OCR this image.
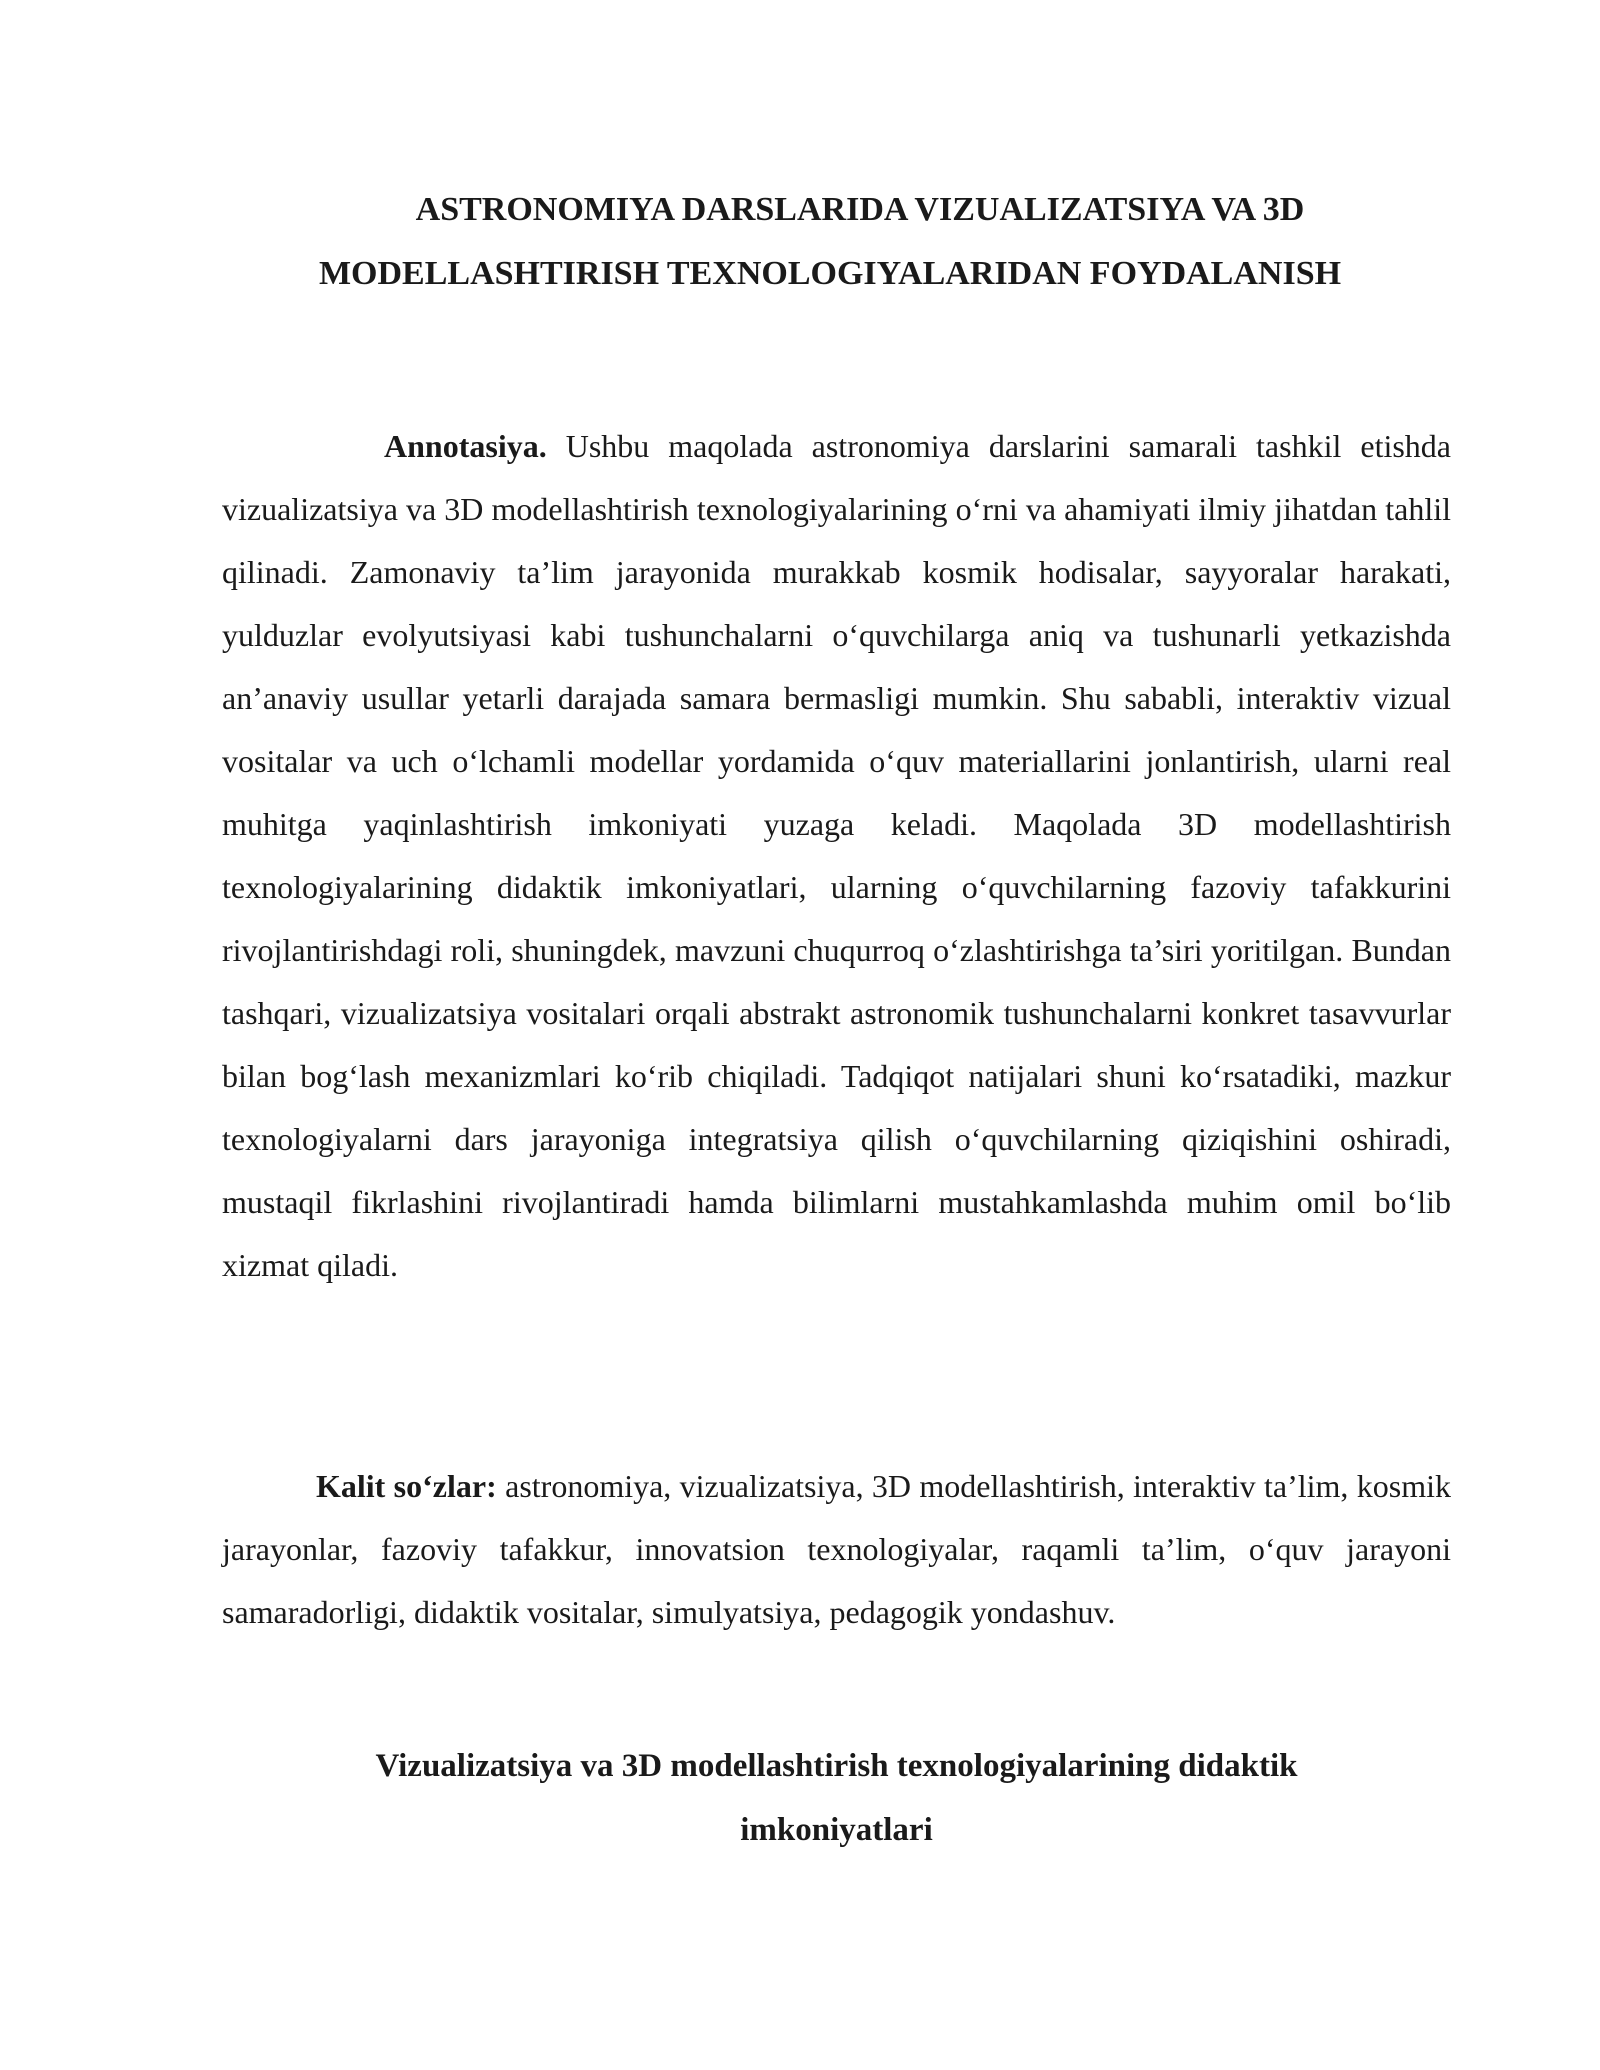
ASTRONOMIYA DARSLARIDA VIZUALIZATSIYA VA 3D
MODELLASHTIRISH TEXNOLOGIYALARIDAN FOYDALANISH

Annotasiya. Ushbu maqolada astronomiya darslarini samarali tashkil etishda vizualizatsiya va 3D modellashtirish texnologiyalarining o‘rni va ahamiyati ilmiy jihatdan tahlil qilinadi. Zamonaviy ta’lim jarayonida murakkab kosmik hodisalar, sayyoralar harakati, yulduzlar evolyutsiyasi kabi tushunchalarni o‘quvchilarga aniq va tushunarli yetkazishda an’anaviy usullar yetarli darajada samara bermasligi mumkin. Shu sababli, interaktiv vizual vositalar va uch o‘lchamli modellar yordamida o‘quv materiallarini jonlantirish, ularni real muhitga yaqinlashtirish imkoniyati yuzaga keladi. Maqolada 3D modellashtirish texnologiyalarining didaktik imkoniyatlari, ularning o‘quvchilarning fazoviy tafakkurini rivojlantirishdagi roli, shuningdek, mavzuni chuqurroq o‘zlashtirishga ta’siri yoritilgan. Bundan tashqari, vizualizatsiya vositalari orqali abstrakt astronomik tushunchalarni konkret tasavvurlar bilan bog‘lash mexanizmlari ko‘rib chiqiladi. Tadqiqot natijalari shuni ko‘rsatadiki, mazkur texnologiyalarni dars jarayoniga integratsiya qilish o‘quvchilarning qiziqishini oshiradi, mustaqil fikrlashini rivojlantiradi hamda bilimlarni mustahkamlashda muhim omil bo‘lib xizmat qiladi.

Kalit so‘zlar: astronomiya, vizualizatsiya, 3D modellashtirish, interaktiv ta’lim, kosmik jarayonlar, fazoviy tafakkur, innovatsion texnologiyalar, raqamli ta’lim, o‘quv jarayoni samaradorligi, didaktik vositalar, simulyatsiya, pedagogik yondashuv.

Vizualizatsiya va 3D modellashtirish texnologiyalarining didaktik
imkoniyatlari
